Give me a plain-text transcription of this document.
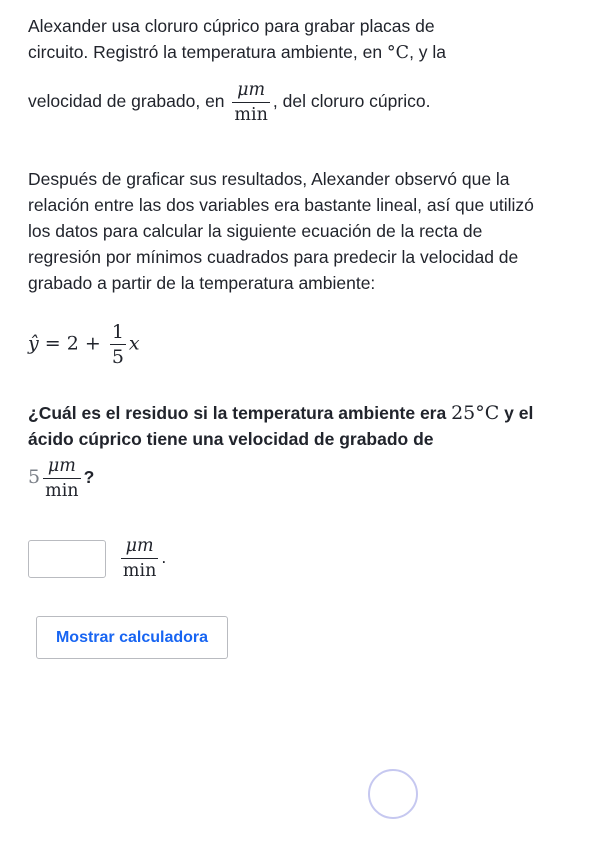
Alexander usa cloruro cúprico para grabar placas de
circuito. Registró la temperatura ambiente, en °C, y la
velocidad de grabado, en $\frac{\mu m}{\min}$ , del cloruro cúprico.

Después de graficar sus resultados, Alexander observó que la relación entre las dos variables era bastante lineal, así que utilizó los datos para calcular la siguiente ecuación de la recta de regresión por mínimos cuadrados para predecir la velocidad de grabado a partir de la temperatura ambiente:

ŷ = $2 + \frac{1}{5}$ x
¿Cuál es el residuo si la temperatura ambiente era 25°C y el ácido cúprico tiene una velocidad de grabado de
$5 \frac{\mu m}{\min}$ ?

$\frac{\mu m}{\min}$ .
Mostrar calculadora
